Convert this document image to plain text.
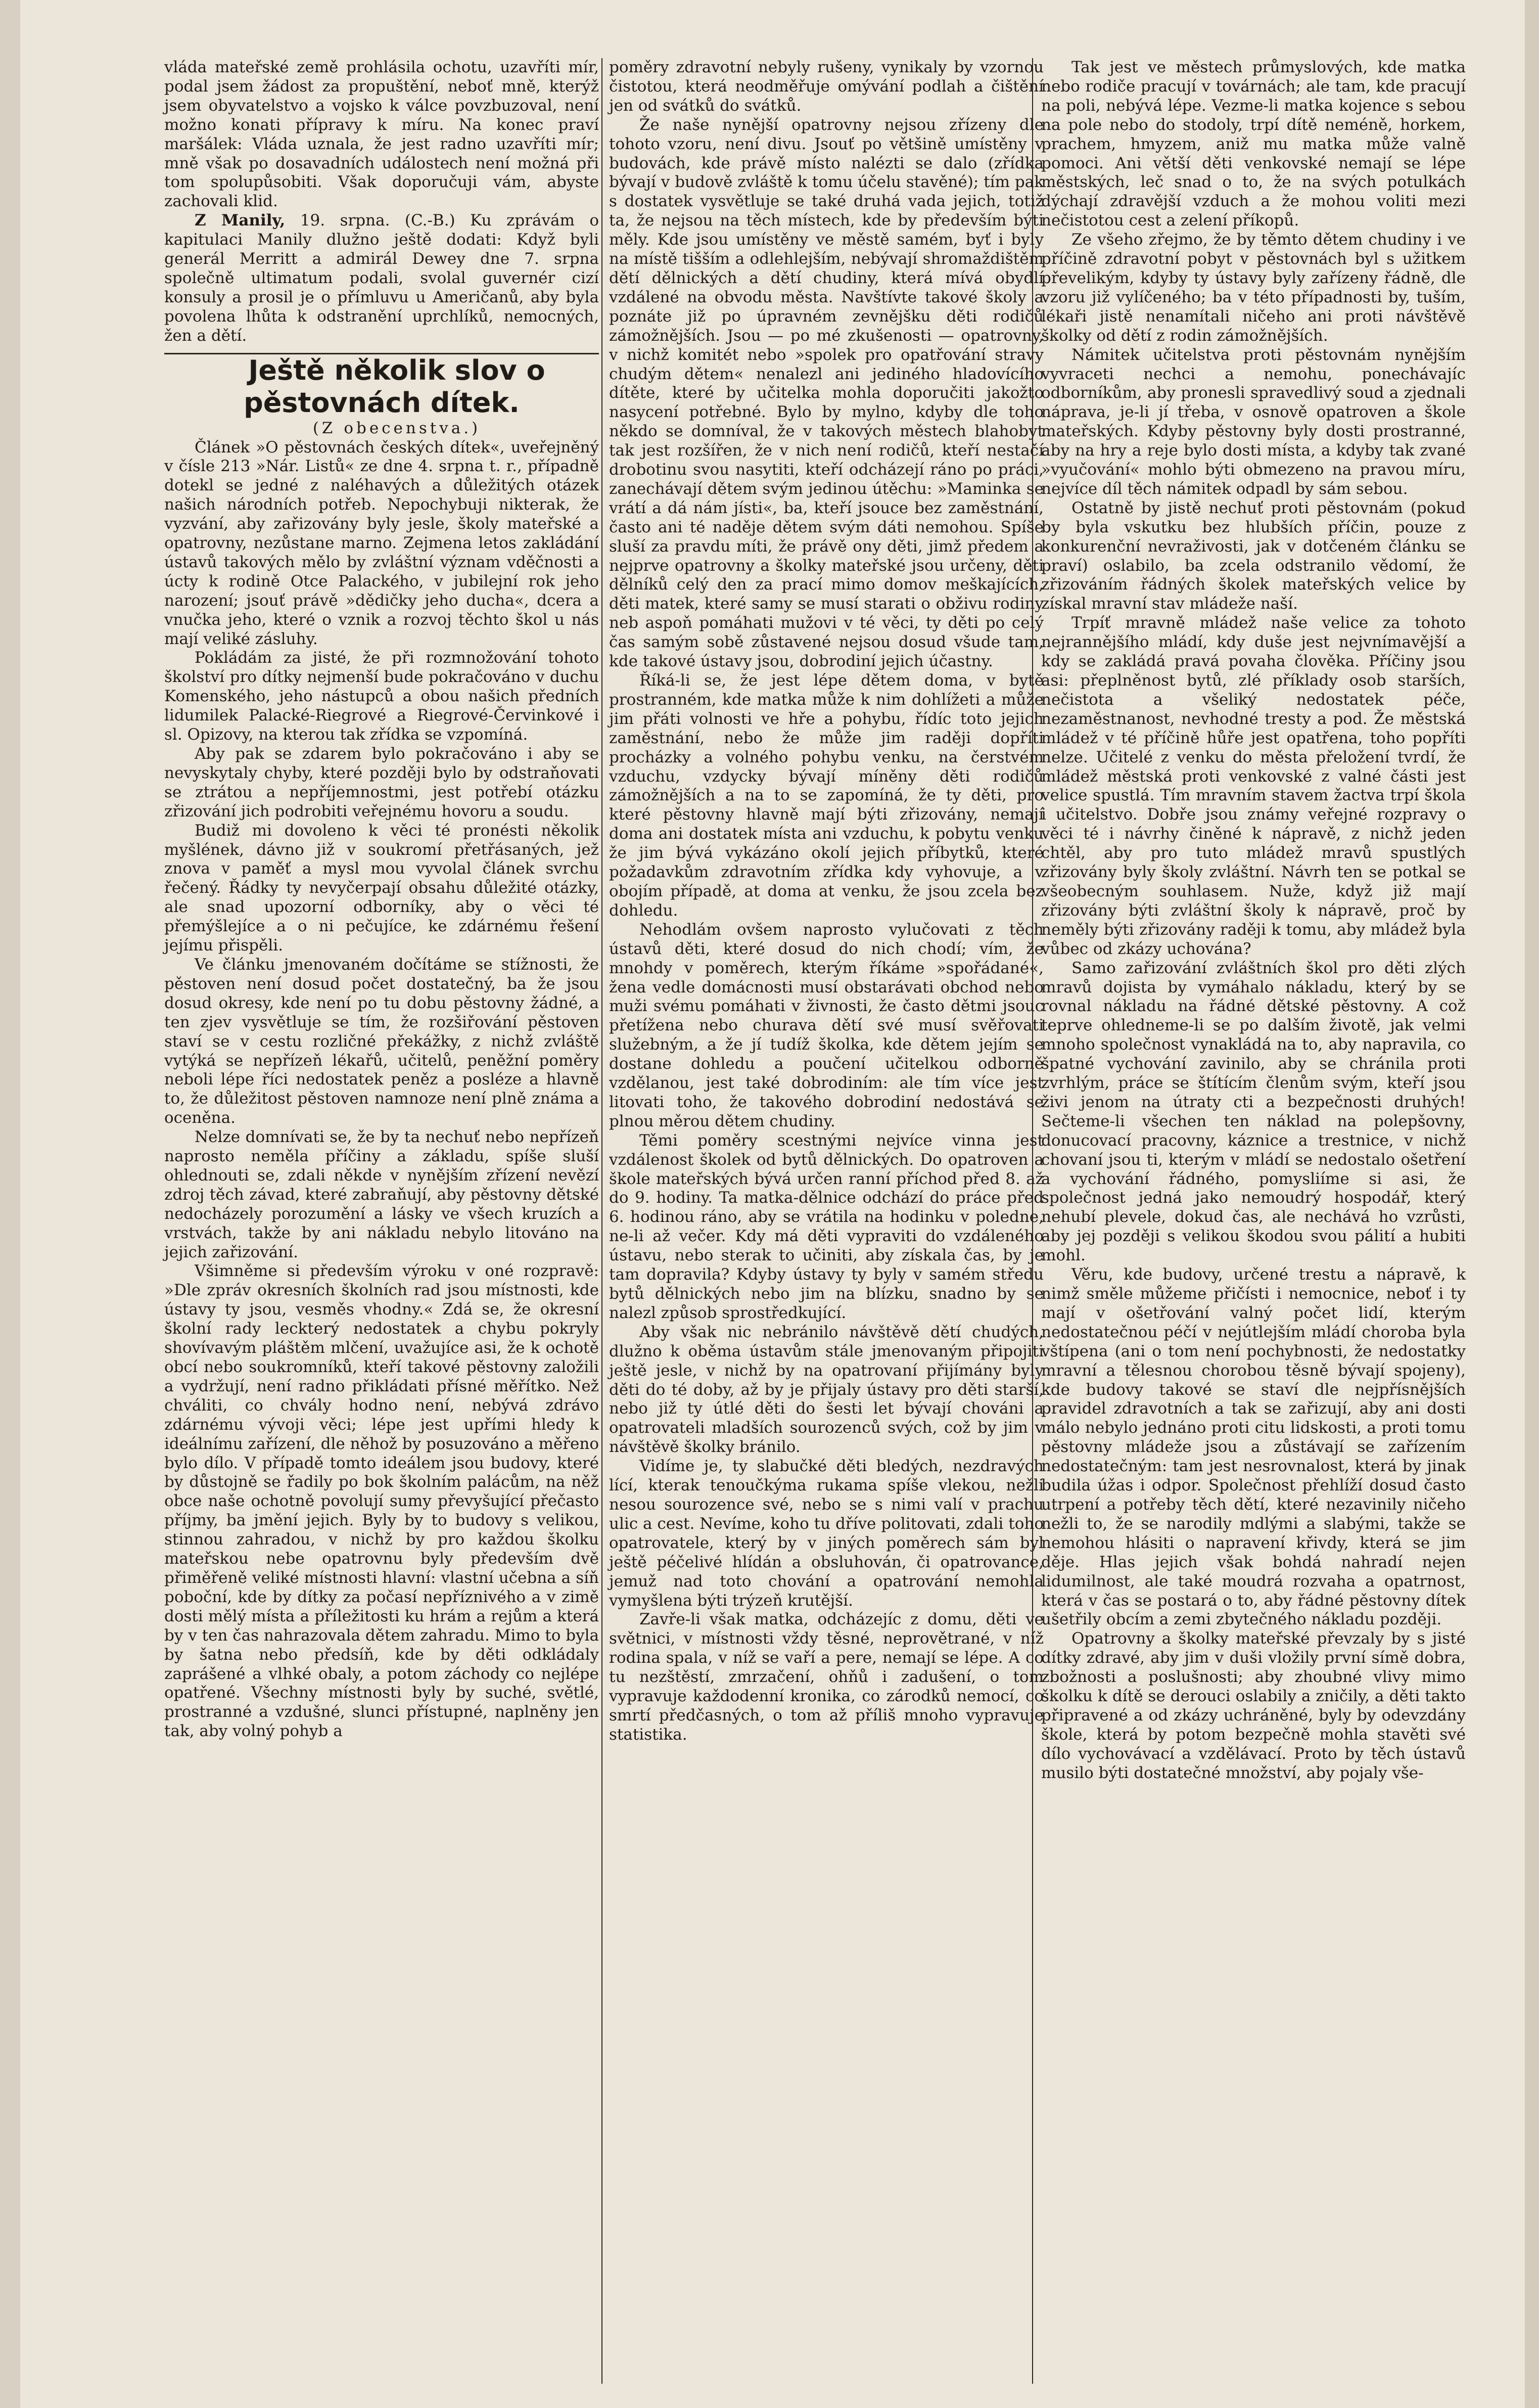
vláda mateřské země prohlásila ochotu, uzavříti mír, podal jsem žádost za propuštění, neboť mně, kterýž jsem obyvatelstvo a vojsko k válce povzbuzoval, není možno konati přípravy k míru. Na konec praví maršálek: Vláda uznala, že jest radno uzavříti mír; mně však po dosavadních událostech není možná při tom spolupůsobiti. Však doporučuji vám, abyste zachovali klid.

Z Manily, 19. srpna. (C.-B.) Ku zprávám o kapitulaci Manily dlužno ještě dodati: Když byli generál Merritt a admirál Dewey dne 7. srpna společně ultimatum podali, svolal guvernér cizí konsuly a prosil je o přímluvu u Američanů, aby byla povolena lhůta k odstranění uprchlíků, nemocných, žen a dětí.

Ještě několik slov o pěstovnách dítek.

(Z obecenstva.)

Článek »O pěstovnách českých dítek«, uveřejněný v čísle 213 »Nár. Listů« ze dne 4. srpna t. r., případně dotekl se jedné z naléhavých a důležitých otázek našich národních potřeb. Nepochybuji nikterak, že vyzvání, aby zařizovány byly jesle, školy mateřské a opatrovny, nezůstane marno. Zejmena letos zakládání ústavů takových mělo by zvláštní význam vděčnosti a úcty k rodině Otce Palackého, v jubilejní rok jeho narození; jsouť právě »dědičky jeho ducha«, dcera a vnučka jeho, které o vznik a rozvoj těchto škol u nás mají veliké zásluhy.

Pokládám za jisté, že při rozmnožování tohoto školství pro dítky nejmenší bude pokračováno v duchu Komenského, jeho nástupců a obou našich předních lidumilek Palacké-Riegrové a Riegrové-Červinkové i sl. Opizovy, na kterou tak zřídka se vzpomíná.

Aby pak se zdarem bylo pokračováno i aby se nevyskytaly chyby, které později bylo by odstraňovati se ztrátou a nepříjemnostmi, jest potřebí otázku zřizování jich podrobiti veřejnému hovoru a soudu.

Budiž mi dovoleno k věci té pronésti několik myšlének, dávno již v soukromí přetřásaných, jež znova v paměť a mysl mou vyvolal článek svrchu řečený. Řádky ty nevyčerpají obsahu důležité otázky, ale snad upozorní odborníky, aby o věci té přemýšlejíce a o ni pečujíce, ke zdárnému řešení jejímu přispěli.

Ve článku jmenovaném dočítáme se stížnosti, že pěstoven není dosud počet dostatečný, ba že jsou dosud okresy, kde není po tu dobu pěstovny žádné, a ten zjev vysvětluje se tím, že rozšiřování pěstoven staví se v cestu rozličné překážky, z nichž zvláště vytýká se nepřízeň lékařů, učitelů, peněžní poměry neboli lépe říci nedostatek peněz a posléze a hlavně to, že důležitost pěstoven namnoze není plně známa a oceněna.

Nelze domnívati se, že by ta nechuť nebo nepřízeň naprosto neměla příčiny a základu, spíše sluší ohlednouti se, zdali někde v nynějším zřízení nevězí zdroj těch závad, které zabraňují, aby pěstovny dětské nedocházely porozumění a lásky ve všech kruzích a vrstvách, takže by ani nákladu nebylo litováno na jejich zařizování.

Všimněme si především výroku v oné rozpravě: »Dle zpráv okresních školních rad jsou místnosti, kde ústavy ty jsou, vesměs vhodny.« Zdá se, že okresní školní rady leckterý nedostatek a chybu pokryly shovívavým pláštěm mlčení, uvažujíce asi, že k ochotě obcí nebo soukromníků, kteří takové pěstovny založili a vydržují, není radno přikládati přísné měřítko. Než chváliti, co chvály hodno není, nebývá zdrávo zdárnému vývoji věci; lépe jest upřími hledy k ideálnímu zařízení, dle něhož by posuzováno a měřeno bylo dílo. V případě tomto ideálem jsou budovy, které by důstojně se řadily po bok školním palácům, na něž obce naše ochotně povolují sumy převyšující přečasto příjmy, ba jmění jejich. Byly by to budovy s velikou, stinnou zahradou, v nichž by pro každou školku mateřskou nebe opatrovnu byly především dvě přiměřeně veliké místnosti hlavní: vlastní učebna a síň poboční, kde by dítky za počasí nepříznivého a v zimě dosti mělý místa a příležitosti ku hrám a rejům a která by v ten čas nahrazovala dětem zahradu. Mimo to byla by šatna nebo předsíň, kde by děti odkládaly zaprášené a vlhké obaly, a potom záchody co nejlépe opatřené. Všechny místnosti byly by suché, světlé, prostranné a vzdušné, slunci přístupné, naplněny jen tak, aby volný pohyb a

poměry zdravotní nebyly rušeny, vynikaly by vzornou čistotou, která neodměřuje omývání podlah a čištění jen od svátků do svátků.

Že naše nynější opatrovny nejsou zřízeny dle tohoto vzoru, není divu. Jsouť po většině umístěny v budovách, kde právě místo nalézti se dalo (zřídka bývají v budově zvláště k tomu účelu stavěné); tím pak s dostatek vysvětluje se také druhá vada jejich, totiž ta, že nejsou na těch místech, kde by především býti měly. Kde jsou umístěny ve městě samém, byť i byly na místě tišším a odlehlejším, nebývají shromaždištěm dětí dělnických a dětí chudiny, která mívá obydlí vzdálené na obvodu města. Navštívte takové školy a poznáte již po úpravném zevnějšku děti rodičů zámožnějších. Jsou — po mé zkušenosti — opatrovny, v nichž komitét nebo »spolek pro opatřování stravy chudým dětem« nenalezl ani jediného hladovícího dítěte, které by učitelka mohla doporučiti jakožto nasycení potřebné. Bylo by mylno, kdyby dle toho někdo se domníval, že v takových městech blahobyt tak jest rozšířen, že v nich není rodičů, kteří nestačí drobotinu svou nasytiti, kteří odcházejí ráno po práci, zanechávají dětem svým jedinou útěchu: »Maminka se vrátí a dá nám jísti«, ba, kteří jsouce bez zaměstnání, často ani té naděje dětem svým dáti nemohou. Spíše sluší za pravdu míti, že právě ony děti, jimž předem a nejprve opatrovny a školky mateřské jsou určeny, děti dělníků celý den za prací mimo domov meškajících, děti matek, které samy se musí starati o obživu rodiny neb aspoň pomáhati mužovi v té věci, ty děti po celý čas samým sobě zůstavené nejsou dosud všude tam, kde takové ústavy jsou, dobrodiní jejich účastny.

Říká-li se, že jest lépe dětem doma, v bytě prostranném, kde matka může k nim dohlížeti a může jim přáti volnosti ve hře a pohybu, řídíc toto jejich zaměstnání, nebo že může jim raději dopříti procházky a volného pohybu venku, na čerstvém vzduchu, vzdycky bývají míněny děti rodičů zámožnějších a na to se zapomíná, že ty děti, pro které pěstovny hlavně mají býti zřizovány, nemají doma ani dostatek místa ani vzduchu, k pobytu venku že jim bývá vykázáno okolí jejich příbytků, které požadavkům zdravotním zřídka kdy vyhovuje, a v obojím případě, at doma at venku, že jsou zcela bez dohledu.

Nehodlám ovšem naprosto vylučovati z těch ústavů děti, které dosud do nich chodí; vím, že mnohdy v poměrech, kterým říkáme »spořádané«, žena vedle domácnosti musí obstarávati obchod nebo muži svému pomáhati v živnosti, že často dětmi jsouc přetížena nebo churava dětí své musí svěřovati služebným, a že jí tudíž školka, kde dětem jejím se dostane dohledu a poučení učitelkou odborně vzdělanou, jest také dobrodiním: ale tím více jest litovati toho, že takového dobrodiní nedostává se plnou měrou dětem chudiny.

Těmi poměry scestnými nejvíce vinna jest vzdálenost školek od bytů dělnických. Do opatroven a škole mateřských bývá určen ranní příchod před 8. až do 9. hodiny. Ta matka-dělnice odchází do práce před 6. hodinou ráno, aby se vrátila na hodinku v poledne, ne-li až večer. Kdy má děti vypraviti do vzdáleného ústavu, nebo sterak to učiniti, aby získala čas, by je tam dopravila? Kdyby ústavy ty byly v samém středu bytů dělnických nebo jim na blízku, snadno by se nalezl způsob sprostředkující.

Aby však nic nebránilo návštěvě dětí chudých, dlužno k oběma ústavům stále jmenovaným připojiti ještě jesle, v nichž by na opatrovaní přijímány byly děti do té doby, až by je přijaly ústavy pro děti starší, nebo již ty útlé děti do šesti let bývají chováni a opatrovateli mladších sourozenců svých, což by jim v návštěvě školky bránilo.

Vidíme je, ty slabučké děti bledých, nezdravých lící, kterak tenoučkýma rukama spíše vlekou, nežli nesou sourozence své, nebo se s nimi valí v prachu ulic a cest. Nevíme, koho tu dříve politovati, zdali toho opatrovatele, který by v jiných poměrech sám byl ještě péčelivé hlídán a obsluhován, či opatrovance, jemuž nad toto chování a opatrování nemohla vymyšlena býti trýzeň krutější.

Zavře-li však matka, odcházejíc z domu, děti ve světnici, v místnosti vždy těsné, neprovětrané, v níž rodina spala, v níž se vaří a pere, nemají se lépe. A co tu nezštěstí, zmrzačení, ohňů i zadušení, o tom vypravuje každodenní kronika, co zárodků nemocí, co smrtí předčasných, o tom až příliš mnoho vypravuje statistika.

Tak jest ve městech průmyslových, kde matka nebo rodiče pracují v továrnách; ale tam, kde pracují na poli, nebývá lépe. Vezme-li matka kojence s sebou na pole nebo do stodoly, trpí dítě neméně, horkem, prachem, hmyzem, aniž mu matka může valně pomoci. Ani větší děti venkovské nemají se lépe městských, leč snad o to, že na svých potulkách dýchají zdravější vzduch a že mohou voliti mezi nečistotou cest a zelení příkopů.

Ze všeho zřejmo, že by těmto dětem chudiny i ve příčině zdravotní pobyt v pěstovnách byl s užitkem převelikým, kdyby ty ústavy byly zařízeny řádně, dle vzoru již vylíčeného; ba v této případnosti by, tuším, lékaři jistě nenamítali ničeho ani proti návštěvě školky od dětí z rodin zámožnějších.

Námitek učitelstva proti pěstovnám nynějším vyvraceti nechci a nemohu, ponechávajíc odborníkům, aby pronesli spravedlivý soud a zjednali náprava, je-li jí třeba, v osnově opatroven a škole mateřských. Kdyby pěstovny byly dosti prostranné, aby na hry a reje bylo dosti místa, a kdyby tak zvané »vyučování« mohlo býti obmezeno na pravou míru, nejvíce díl těch námitek odpadl by sám sebou.

Ostatně by jistě nechuť proti pěstovnám (pokud by byla vskutku bez hlubších příčin, pouze z konkurenční nevraživosti, jak v dotčeném článku se praví) oslabilo, ba zcela odstranilo vědomí, že zřizováním řádných školek mateřských velice by získal mravní stav mládeže naší.

Trpíť mravně mládež naše velice za tohoto nejrannějšího mládí, kdy duše jest nejvnímavější a kdy se zakládá pravá povaha člověka. Příčiny jsou asi: přeplněnost bytů, zlé příklady osob starších, nečistota a všeliký nedostatek péče, nezaměstnanost, nevhodné tresty a pod. Že městská mládež v té příčině hůře jest opatřena, toho popříti nelze. Učitelé z venku do města přeložení tvrdí, že mládež městská proti venkovské z valné části jest velice spustlá. Tím mravním stavem žactva trpí škola i učitelstvo. Dobře jsou známy veřejné rozpravy o věci té i návrhy činěné k nápravě, z nichž jeden chtěl, aby pro tuto mládež mravů spustlých zřizovány byly školy zvláštní. Návrh ten se potkal se všeobecným souhlasem. Nuže, když již mají zřizovány býti zvláštní školy k nápravě, proč by neměly býti zřizovány raději k tomu, aby mládež byla vůbec od zkázy uchována?

Samo zařizování zvláštních škol pro děti zlých mravů dojista by vymáhalo nákladu, který by se rovnal nákladu na řádné dětské pěstovny. A což teprve ohledneme-li se po dalším životě, jak velmi mnoho společnost vynakládá na to, aby napravila, co špatné vychování zavinilo, aby se chránila proti zvrhlým, práce se štítícím členům svým, kteří jsou živi jenom na útraty cti a bezpečnosti druhých! Sečteme-li všechen ten náklad na polepšovny, donucovací pracovny, káznice a trestnice, v nichž chovaní jsou ti, kterým v mládí se nedostalo ošetření a vychování řádného, pomysliíme si asi, že společnost jedná jako nemoudrý hospodář, který nehubí plevele, dokud čas, ale nechává ho vzrůsti, aby jej později s velikou škodou svou pálití a hubiti mohl.

Věru, kde budovy, určené trestu a nápravě, k nimž směle můžeme přičísti i nemocnice, neboť i ty mají v ošetřování valný počet lidí, kterým nedostatečnou péčí v nejútlejším mládí choroba byla vštípena (ani o tom není pochybnosti, že nedostatky mravní a tělesnou chorobou těsně bývají spojeny), kde budovy takové se staví dle nejpřísnějších pravidel zdravotních a tak se zařizují, aby ani dosti málo nebylo jednáno proti citu lidskosti, a proti tomu pěstovny mládeže jsou a zůstávají se zařízením nedostatečným: tam jest nesrovnalost, která by jinak budila úžas i odpor. Společnost přehlíží dosud často utrpení a potřeby těch dětí, které nezavinily ničeho nežli to, že se narodily mdlými a slabými, takže se nemohou hlásiti o napravení křivdy, která se jim děje. Hlas jejich však bohdá nahradí nejen lidumilnost, ale také moudrá rozvaha a opatrnost, která v čas se postará o to, aby řádné pěstovny dítek ušetřily obcím a zemi zbytečného nákladu později.

Opatrovny a školky mateřské převzaly by s jisté dítky zdravé, aby jim v duši vložily první símě dobra, zbožnosti a poslušnosti; aby zhoubné vlivy mimo školku k dítě se derouci oslabily a zničily, a děti takto připravené a od zkázy uchráněné, byly by odevzdány škole, která by potom bezpečně mohla stavěti své dílo vychovávací a vzdělávací. Proto by těch ústavů musilo býti dostatečné množství, aby pojaly vše-
